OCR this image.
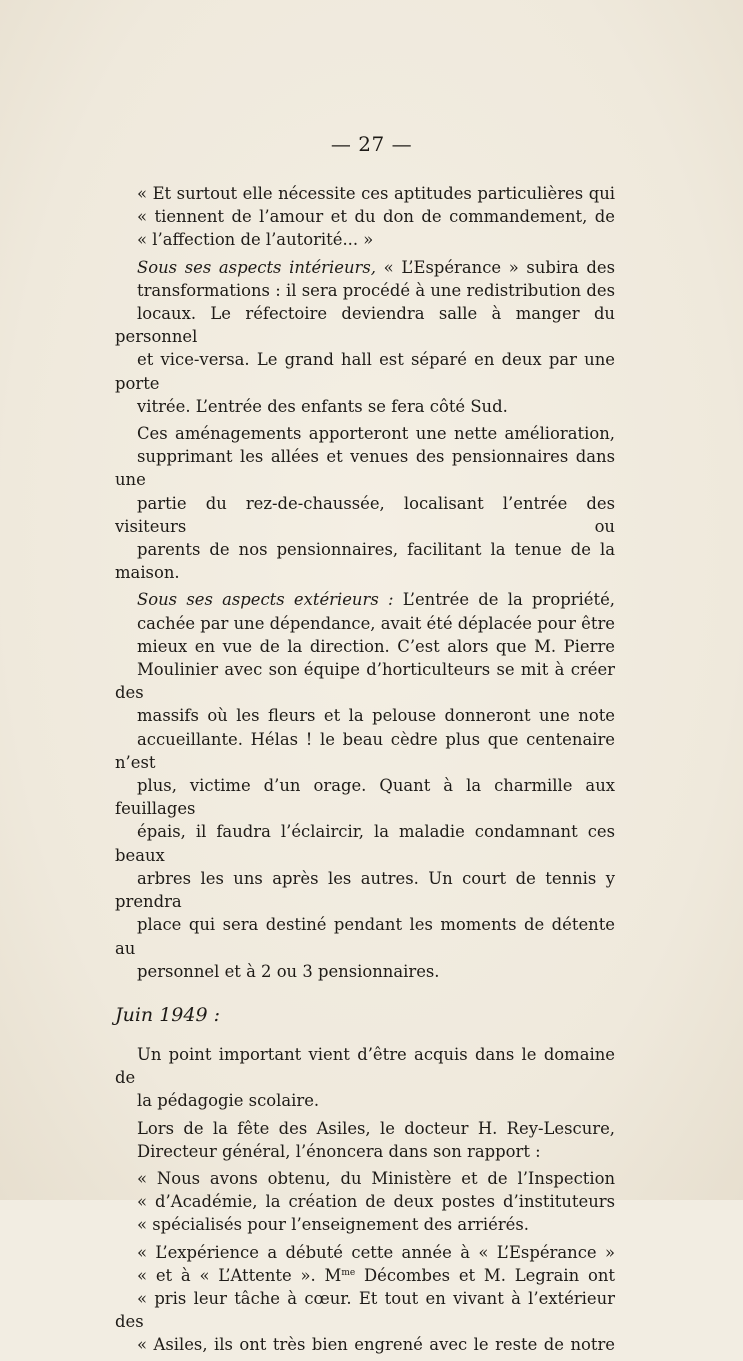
— 27 —
« Et surtout elle nécessite ces aptitudes particulières qui
« tiennent de l’amour et du don de commandement, de
« l’affection de l’autorité... »
Sous ses aspects intérieurs, « L’Espérance » subira des
transformations : il sera procédé à une redistribution des
locaux. Le réfectoire deviendra salle à manger du personnel
et vice-versa. Le grand hall est séparé en deux par une porte
vitrée. L’entrée des enfants se fera côté Sud.
Ces aménagements apporteront une nette amélioration,
supprimant les allées et venues des pensionnaires dans une
partie du rez-de-chaussée, localisant l’entrée des visiteurs ou
parents de nos pensionnaires, facilitant la tenue de la maison.
Sous ses aspects extérieurs : L’entrée de la propriété,
cachée par une dépendance, avait été déplacée pour être
mieux en vue de la direction. C’est alors que M. Pierre
Moulinier avec son équipe d’horticulteurs se mit à créer des
massifs où les fleurs et la pelouse donneront une note
accueillante. Hélas ! le beau cèdre plus que centenaire n’est
plus, victime d’un orage. Quant à la charmille aux feuillages
épais, il faudra l’éclaircir, la maladie condamnant ces beaux
arbres les uns après les autres. Un court de tennis y prendra
place qui sera destiné pendant les moments de détente au
personnel et à 2 ou 3 pensionnaires.
Juin 1949 :
Un point important vient d’être acquis dans le domaine de
la pédagogie scolaire.
Lors de la fête des Asiles, le docteur H. Rey-Lescure,
Directeur général, l’énoncera dans son rapport :
« Nous avons obtenu, du Ministère et de l’Inspection
« d’Académie, la création de deux postes d’instituteurs
« spécialisés pour l’enseignement des arriérés.
« L’expérience a débuté cette année à « L’Espérance »
« et à « L’Attente ». $M^{me}$ Décombes et M. Legrain ont
« pris leur tâche à cœur. Et tout en vivant à l’extérieur des
« Asiles, ils ont très bien engrené avec le reste de notre
